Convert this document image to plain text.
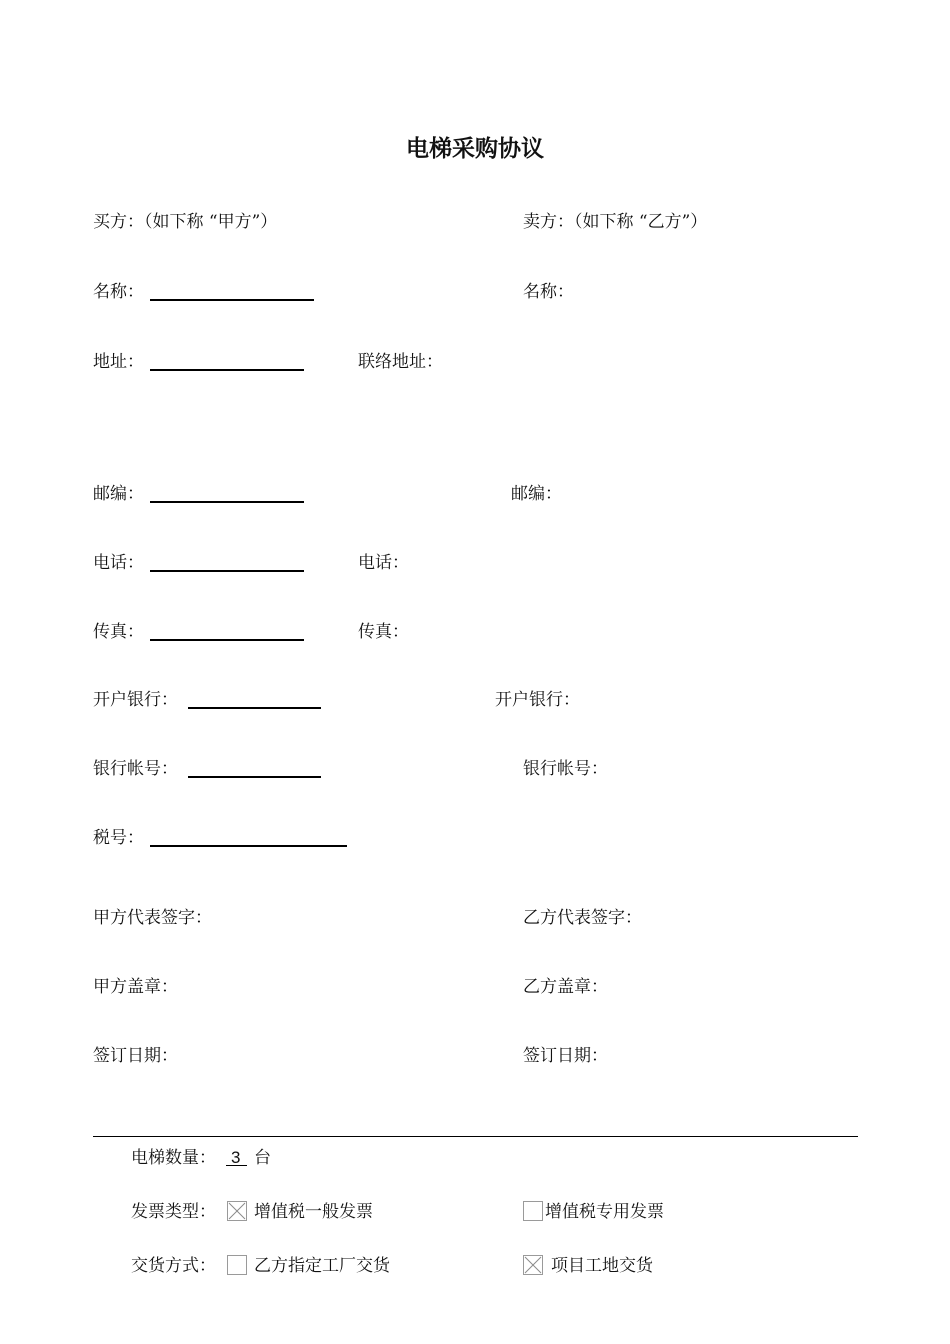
电梯采购协议
买方：（如下称 “甲方”）	卖方：（如下称 “乙方”）
名称：	名称：
地址：	联络地址：
邮编：	邮编：
电话：	电话：
传真：	传真：
开户银行：	开户银行：
银行帐号：	银行帐号：
税号：
甲方代表签字：	乙方代表签字：
甲方盖章：	乙方盖章：
签订日期：	签订日期：
电梯数量： 3 台
发票类型： 增值税一般发票	增值税专用发票
交货方式： 乙方指定工厂交货	项目工地交货
